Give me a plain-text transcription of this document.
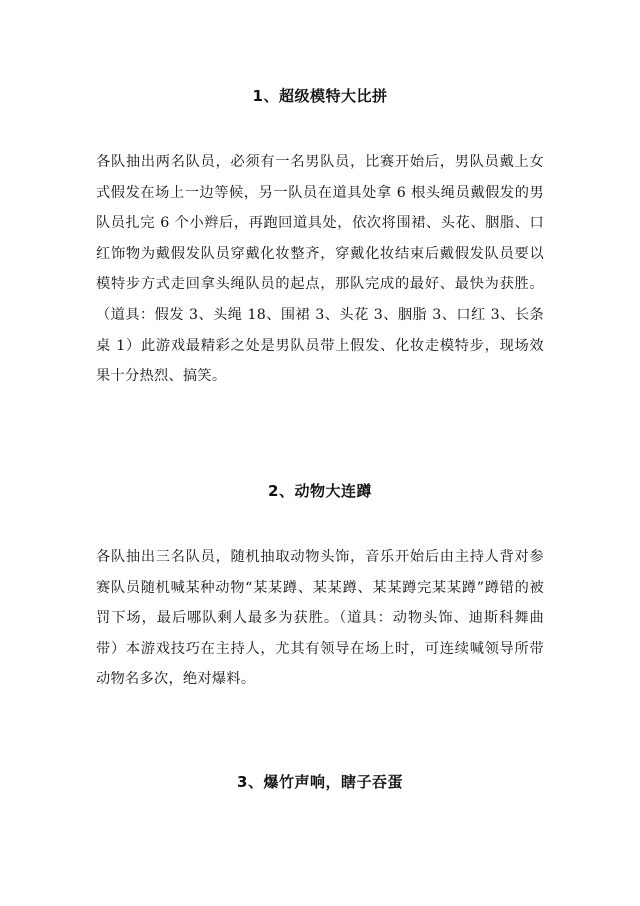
1、超级模特大比拼
各队抽出两名队员，必须有一名男队员，比赛开始后，男队员戴上女
式假发在场上一边等候，另一队员在道具处拿 6 根头绳员戴假发的男
队员扎完 6 个小辫后，再跑回道具处，依次将围裙、头花、胭脂、口
红饰物为戴假发队员穿戴化妆整齐，穿戴化妆结束后戴假发队员要以
模特步方式走回拿头绳队员的起点，那队完成的最好、最快为获胜。
（道具：假发 3、头绳 18、围裙 3、头花 3、胭脂 3、口红 3、长条
桌 1）此游戏最精彩之处是男队员带上假发、化妆走模特步，现场效
果十分热烈、搞笑。
2、动物大连蹲
各队抽出三名队员，随机抽取动物头饰，音乐开始后由主持人背对参
赛队员随机喊某种动物“某某蹲、某某蹲、某某蹲完某某蹲”蹲错的被
罚下场，最后哪队剩人最多为获胜。（道具：动物头饰、迪斯科舞曲
带）本游戏技巧在主持人，尤其有领导在场上时，可连续喊领导所带
动物名多次，绝对爆料。
3、爆竹声响，瞎子吞蛋
